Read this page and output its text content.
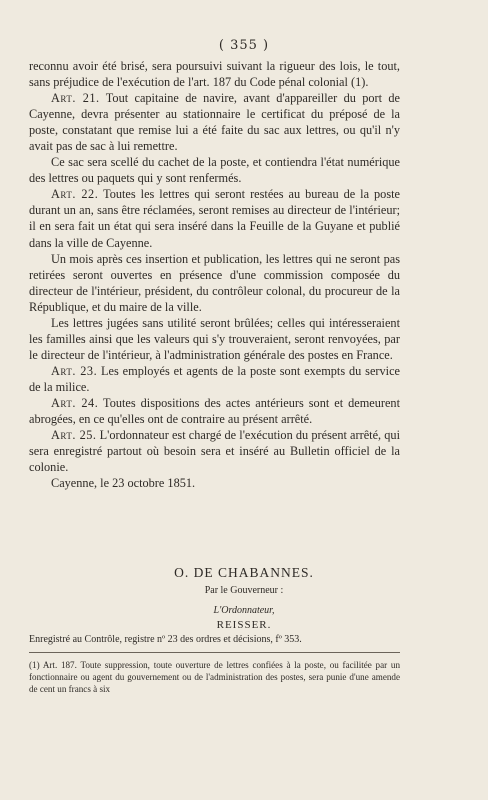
( 355 )

reconnu avoir été brisé, sera poursuivi suivant la rigueur des lois, le tout, sans préjudice de l'exécution de l'art. 187 du Code pénal colonial (1).

Art. 21. Tout capitaine de navire, avant d'appareiller du port de Cayenne, devra présenter au stationnaire le certificat du préposé de la poste, constatant que remise lui a été faite du sac aux lettres, ou qu'il n'y avait pas de sac à lui remettre.

Ce sac sera scellé du cachet de la poste, et contiendra l'état numérique des lettres ou paquets qui y sont renfermés.

Art. 22. Toutes les lettres qui seront restées au bureau de la poste durant un an, sans être réclamées, seront remises au directeur de l'intérieur; il en sera fait un état qui sera inséré dans la Feuille de la Guyane et publié dans la ville de Cayenne.

Un mois après ces insertion et publication, les lettres qui ne seront pas retirées seront ouvertes en présence d'une commission composée du directeur de l'intérieur, président, du contrôleur colonal, du procureur de la République, et du maire de la ville.

Les lettres jugées sans utilité seront brûlées; celles qui intéresseraient les familles ainsi que les valeurs qui s'y trouveraient, seront renvoyées, par le directeur de l'intérieur, à l'administration générale des postes en France.

Art. 23. Les employés et agents de la poste sont exempts du service de la milice.

Art. 24. Toutes dispositions des actes antérieurs sont et demeurent abrogées, en ce qu'elles ont de contraire au présent arrêté.

Art. 25. L'ordonnateur est chargé de l'exécution du présent arrêté, qui sera enregistré partout où besoin sera et inséré au Bulletin officiel de la colonie.

Cayenne, le 23 octobre 1851.

O. DE CHABANNES.
Par le Gouverneur :
L'Ordonnateur,
REISSER.
Enregistré au Contrôle, registre nº 23 des ordres et décisions, fº 353.
(1) Art. 187. Toute suppression, toute ouverture de lettres confiées à la poste, ou facilitée par un fonctionnaire ou agent du gouvernement ou de l'administration des postes, sera punie d'une amende de cent un francs à six
